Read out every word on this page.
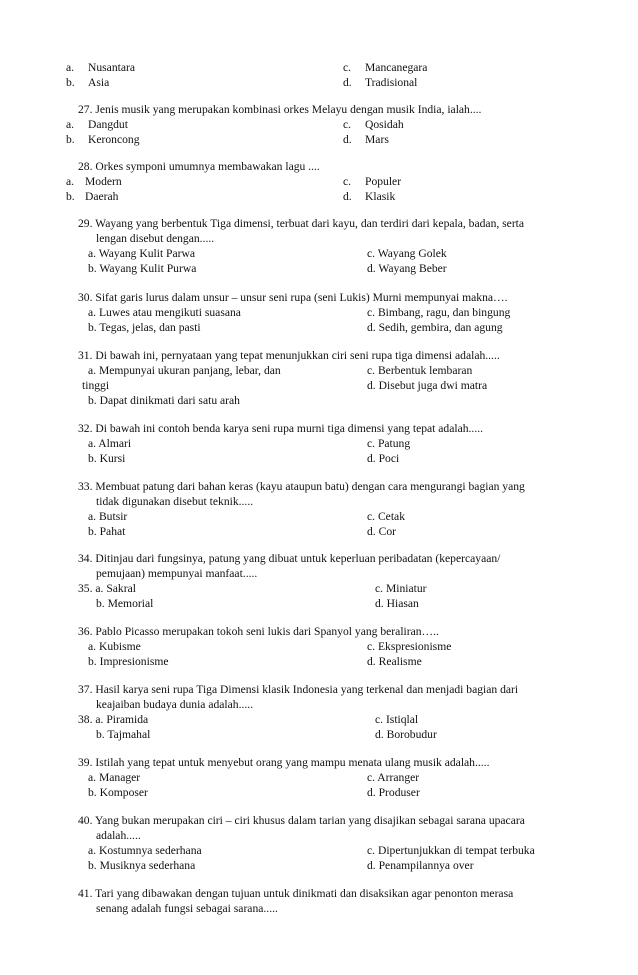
a. Nusantara	c. Mancanegara
b. Asia	d. Tradisional
27. Jenis musik yang merupakan kombinasi orkes Melayu dengan musik India, ialah....
a. Dangdut	c. Qosidah
b. Keroncong	d. Mars
28. Orkes symponi umumnya membawakan lagu ....
a. Modern	c. Populer
b. Daerah	d. Klasik
29. Wayang yang berbentuk Tiga dimensi, terbuat dari kayu, dan terdiri dari kepala, badan, serta
lengan disebut dengan.....
a. Wayang Kulit Parwa	c. Wayang Golek
b. Wayang Kulit Purwa	d. Wayang Beber
30. Sifat garis lurus dalam unsur – unsur seni rupa (seni Lukis) Murni mempunyai makna….
a. Luwes atau mengikuti suasana	c. Bimbang, ragu, dan bingung
b. Tegas, jelas, dan pasti	d. Sedih, gembira, dan agung
31. Di bawah ini, pernyataan yang tepat menunjukkan ciri seni rupa tiga dimensi adalah.....
a. Mempunyai ukuran panjang, lebar, dan	c. Berbentuk lembaran
tinggi	d. Disebut juga dwi matra
b. Dapat dinikmati dari satu arah
32. Di bawah ini contoh benda karya seni rupa murni tiga dimensi yang tepat adalah.....
a. Almari	c. Patung
b. Kursi	d. Poci
33. Membuat patung dari bahan keras (kayu ataupun batu) dengan cara mengurangi bagian yang
tidak digunakan disebut teknik.....
a. Butsir	c. Cetak
b. Pahat	d. Cor
34. Ditinjau dari fungsinya, patung yang dibuat untuk keperluan peribadatan (kepercayaan/
pemujaan) mempunyai manfaat.....
35. a. Sakral	c. Miniatur
b. Memorial	d. Hiasan
36. Pablo Picasso merupakan tokoh seni lukis dari Spanyol yang beraliran…..
a. Kubisme	c. Ekspresionisme
b. Impresionisme	d. Realisme
37. Hasil karya seni rupa Tiga Dimensi klasik Indonesia yang terkenal dan menjadi bagian dari
keajaiban budaya dunia adalah.....
38. a. Piramida	c. Istiqlal
b. Tajmahal	d. Borobudur
39. Istilah yang tepat untuk menyebut orang yang mampu menata ulang musik adalah.....
a. Manager	c. Arranger
b. Komposer	d. Produser
40. Yang bukan merupakan ciri – ciri khusus dalam tarian yang disajikan sebagai sarana upacara
adalah.....
a. Kostumnya sederhana	c. Dipertunjukkan di tempat terbuka
b. Musiknya sederhana	d. Penampilannya over
41. Tari yang dibawakan dengan tujuan untuk dinikmati dan disaksikan agar penonton merasa
senang adalah fungsi sebagai sarana.....
